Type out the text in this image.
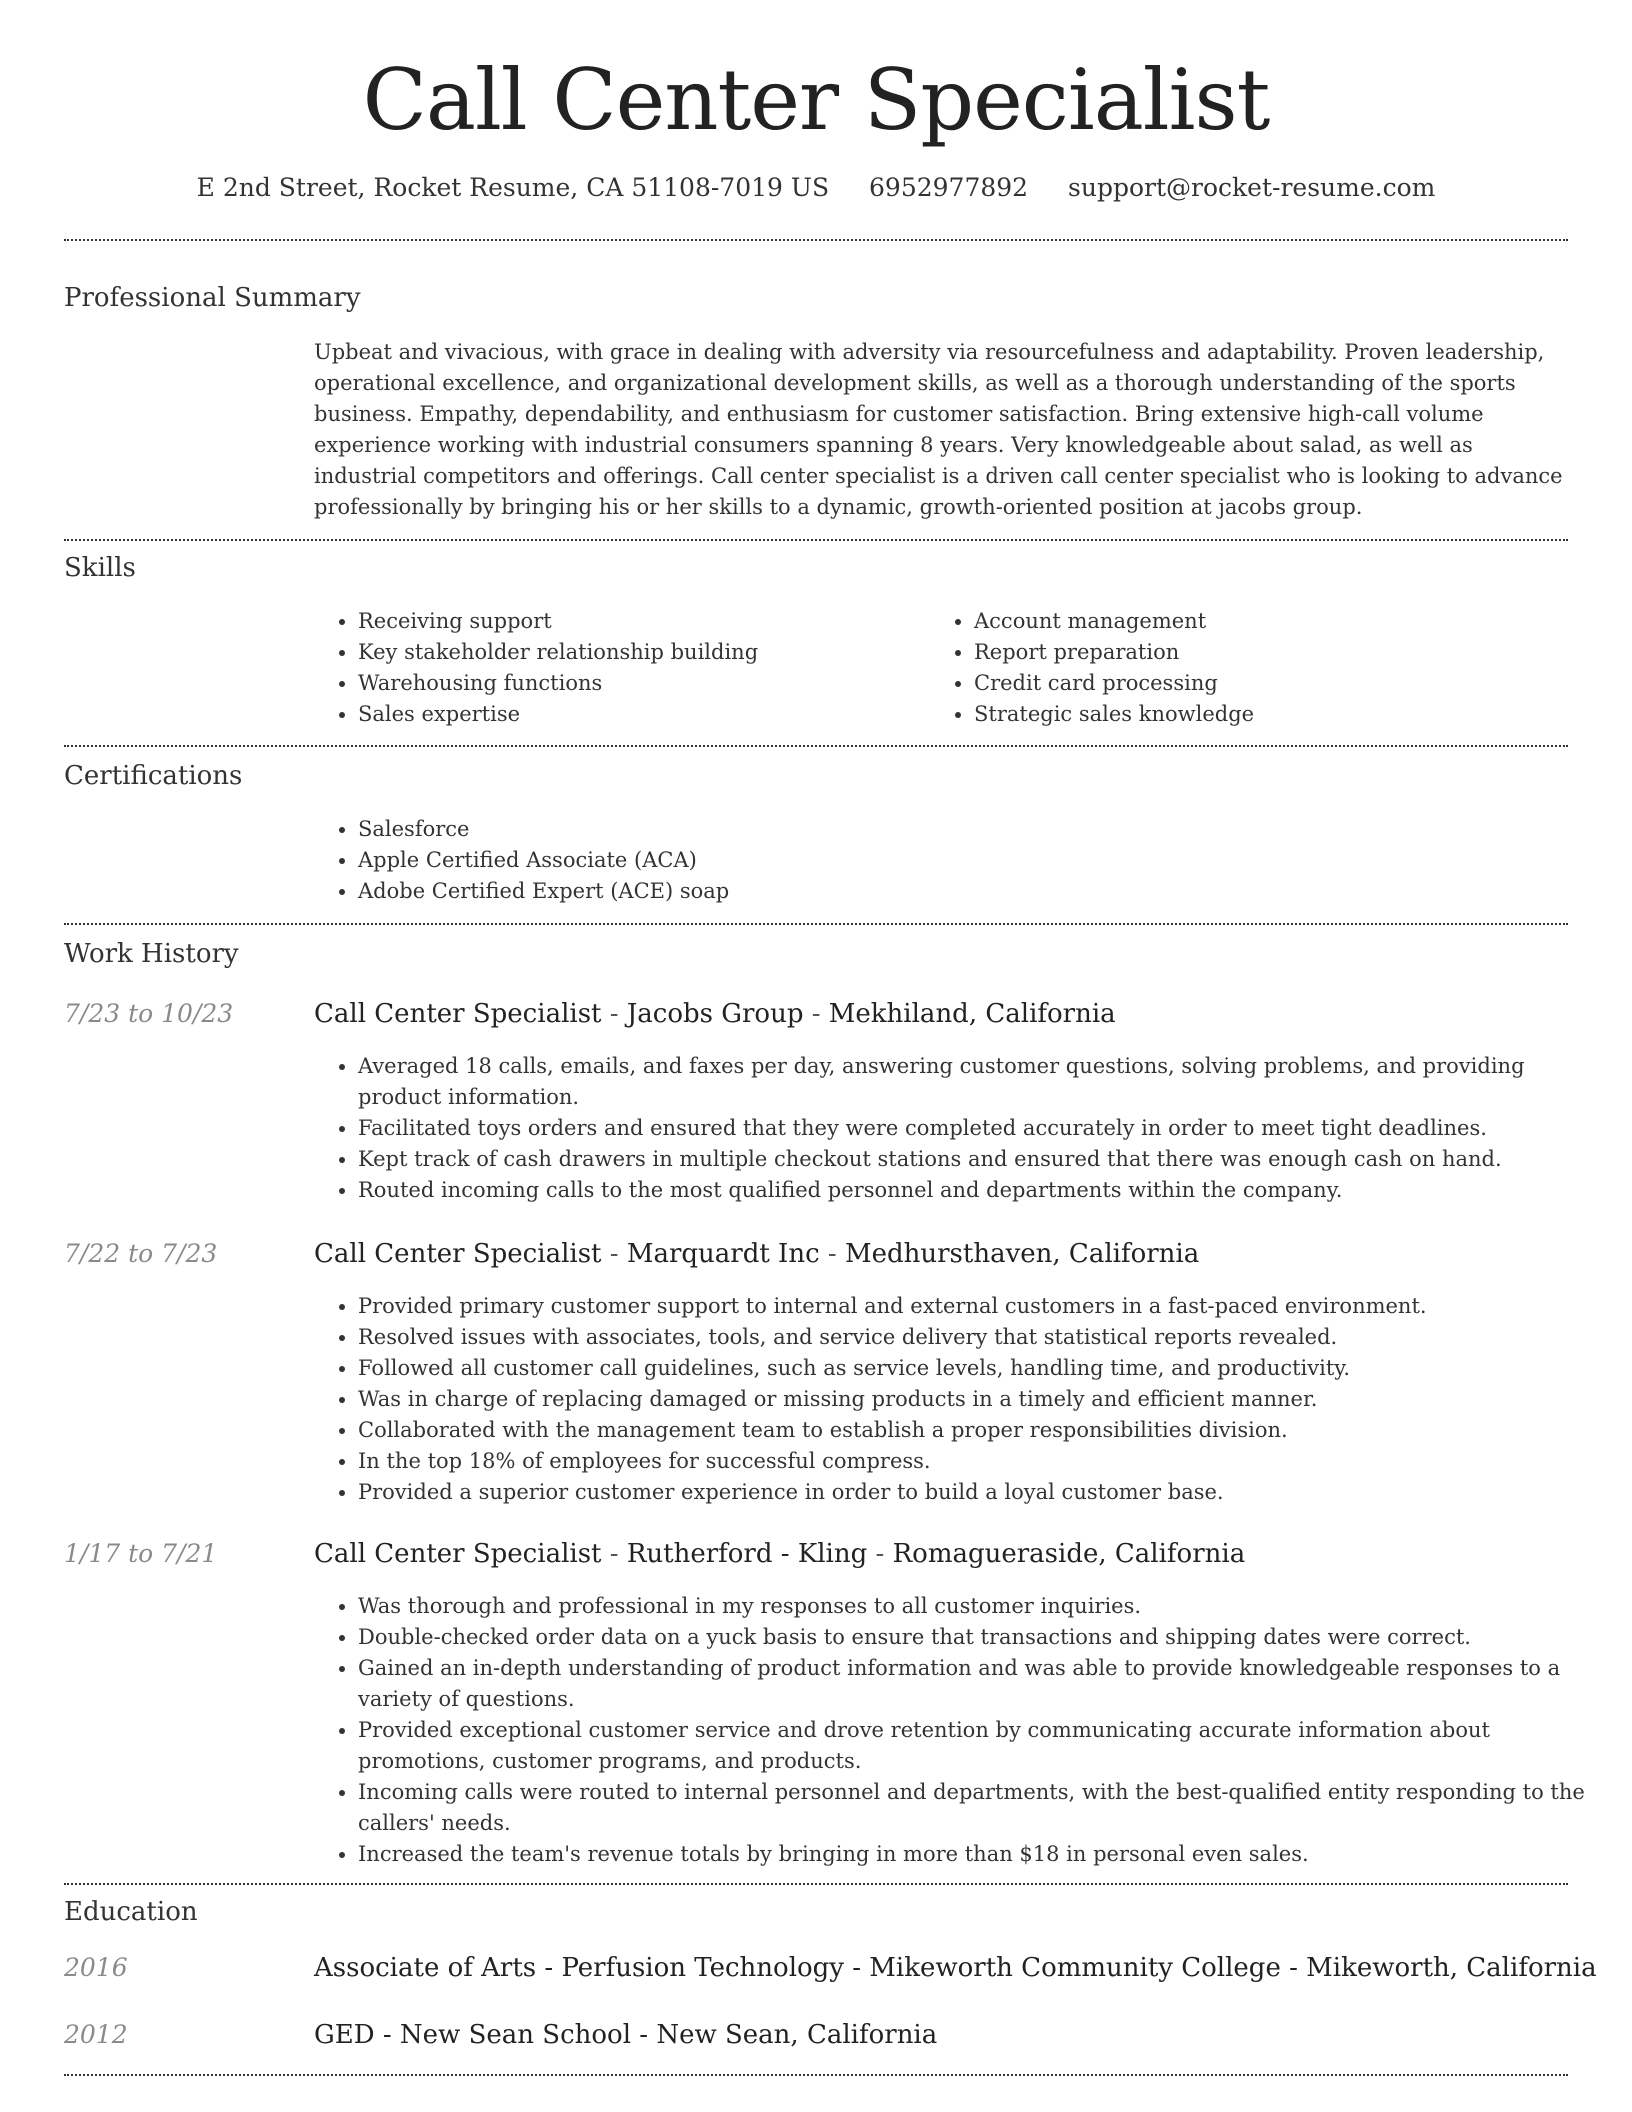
Call Center Specialist
E 2nd Street, Rocket Resume, CA 51108-7019 US 6952977892 support@rocket-resume.com
Professional Summary

Upbeat and vivacious, with grace in dealing with adversity via resourcefulness and adaptability. Proven leadership, operational excellence, and organizational development skills, as well as a thorough understanding of the sports business. Empathy, dependability, and enthusiasm for customer satisfaction. Bring extensive high-call volume experience working with industrial consumers spanning 8 years. Very knowledgeable about salad, as well as industrial competitors and offerings. Call center specialist is a driven call center specialist who is looking to advance professionally by bringing his or her skills to a dynamic, growth-oriented position at jacobs group.

Skills
• Receiving support
• Key stakeholder relationship building
• Warehousing functions
• Sales expertise
• Account management
• Report preparation
• Credit card processing
• Strategic sales knowledge
Certifications
• Salesforce
• Apple Certified Associate (ACA)
• Adobe Certified Expert (ACE) soap
Work History
7/23 to 10/23	Call Center Specialist - Jacobs Group - Mekhiland, California
• Averaged 18 calls, emails, and faxes per day, answering customer questions, solving problems, and providing product information.
• Facilitated toys orders and ensured that they were completed accurately in order to meet tight deadlines.
• Kept track of cash drawers in multiple checkout stations and ensured that there was enough cash on hand.
• Routed incoming calls to the most qualified personnel and departments within the company.
7/22 to 7/23	Call Center Specialist - Marquardt Inc - Medhursthaven, California
• Provided primary customer support to internal and external customers in a fast-paced environment.
• Resolved issues with associates, tools, and service delivery that statistical reports revealed.
• Followed all customer call guidelines, such as service levels, handling time, and productivity.
• Was in charge of replacing damaged or missing products in a timely and efficient manner.
• Collaborated with the management team to establish a proper responsibilities division.
• In the top 18% of employees for successful compress.
• Provided a superior customer experience in order to build a loyal customer base.
1/17 to 7/21	Call Center Specialist - Rutherford - Kling - Romagueraside, California
• Was thorough and professional in my responses to all customer inquiries.
• Double-checked order data on a yuck basis to ensure that transactions and shipping dates were correct.
• Gained an in-depth understanding of product information and was able to provide knowledgeable responses to a variety of questions.
• Provided exceptional customer service and drove retention by communicating accurate information about promotions, customer programs, and products.
• Incoming calls were routed to internal personnel and departments, with the best-qualified entity responding to the callers' needs.
• Increased the team's revenue totals by bringing in more than $18 in personal even sales.
Education
2016	Associate of Arts - Perfusion Technology - Mikeworth Community College - Mikeworth, California
2012	GED - New Sean School - New Sean, California
